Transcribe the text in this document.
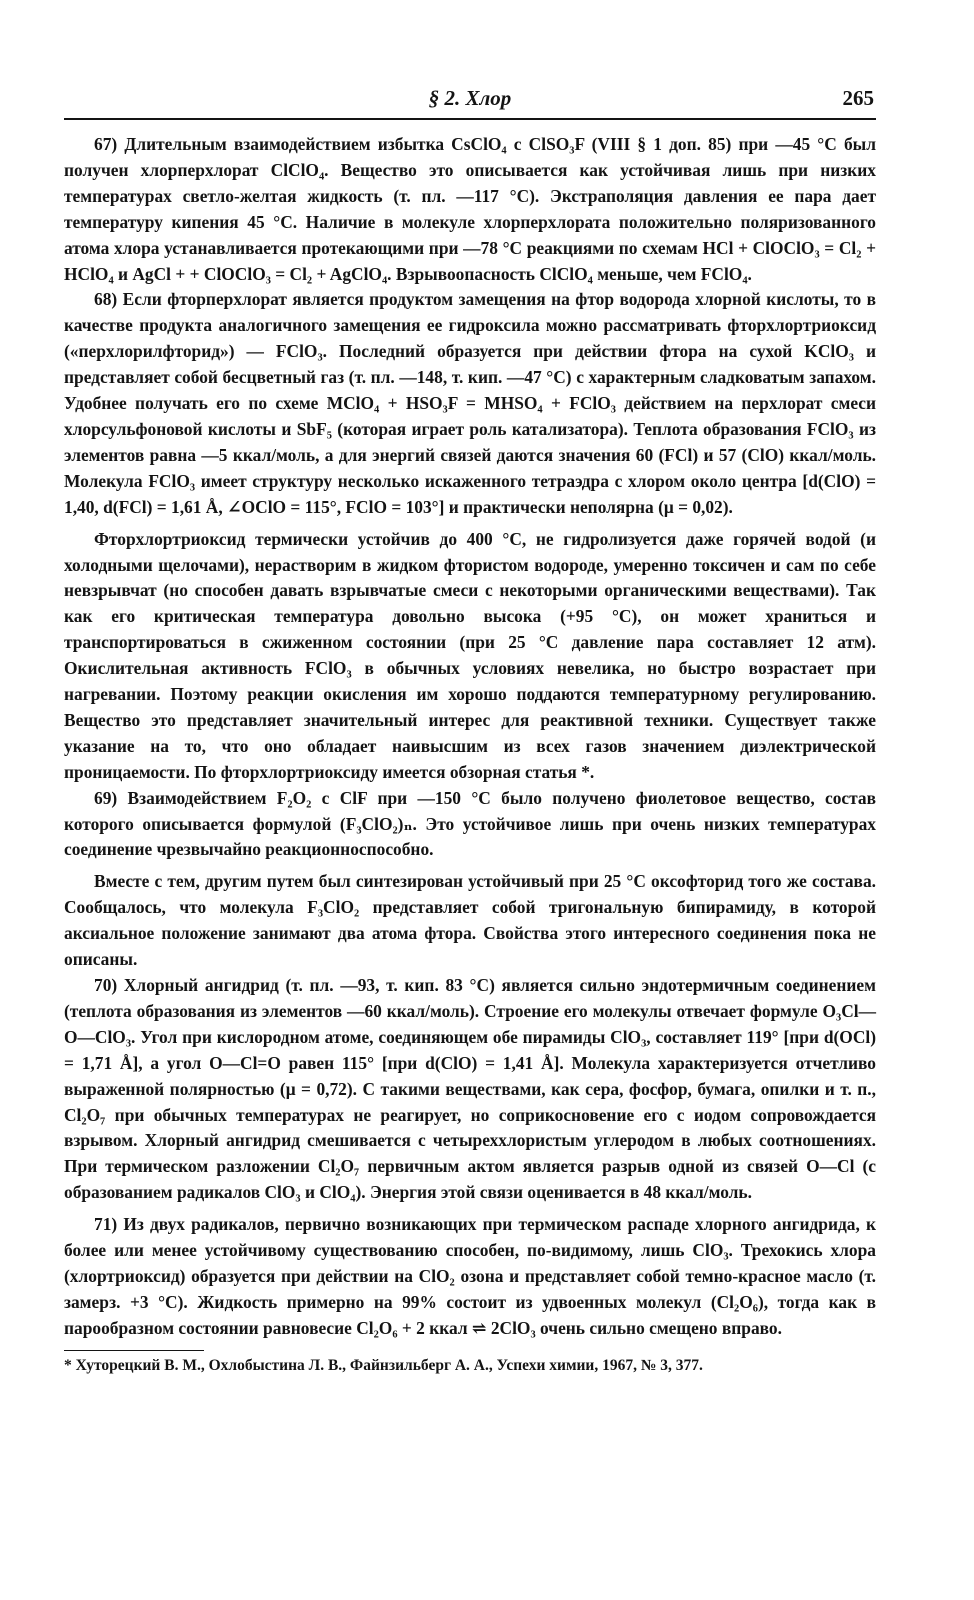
§ 2. Хлор	265

67) Длительным взаимодействием избытка CsClO₄ с ClSO₃F (VIII § 1 доп. 85) при —45 °C был получен хлорперхлорат ClClO₄. Вещество это описывается как устойчивая лишь при низких температурах светло-желтая жидкость (т. пл. —117 °C). Экстраполяция давления ее пара дает температуру кипения 45 °C. Наличие в молекуле хлорперхлората положительно поляризованного атома хлора устанавливается протекающими при —78 °C реакциями по схемам HCl + ClOClO₃ = Cl₂ + HClO₄ и AgCl + + ClOClO₃ = Cl₂ + AgClO₄. Взрывоопасность ClClO₄ меньше, чем FClO₄.

68) Если фторперхлорат является продуктом замещения на фтор водорода хлорной кислоты, то в качестве продукта аналогичного замещения ее гидроксила можно рассматривать фторхлортриоксид («перхлорилфторид») — FClO₃. Последний образуется при действии фтора на сухой KClO₃ и представляет собой бесцветный газ (т. пл. —148, т. кип. —47 °C) с характерным сладковатым запахом. Удобнее получать его по схеме MClO₄ + HSO₃F = MHSO₄ + FClO₃ действием на перхлорат смеси хлорсульфоновой кислоты и SbF₅ (которая играет роль катализатора). Теплота образования FClO₃ из элементов равна —5 ккал/моль, а для энергий связей даются значения 60 (FCl) и 57 (ClO) ккал/моль. Молекула FClO₃ имеет структуру несколько искаженного тетраэдра с хлором около центра [d(ClO) = 1,40, d(FCl) = 1,61 Å, ∠OClO = 115°, FClO = 103°] и практически неполярна (μ = 0,02).

Фторхлортриоксид термически устойчив до 400 °C, не гидролизуется даже горячей водой (и холодными щелочами), нерастворим в жидком фтористом водороде, умеренно токсичен и сам по себе невзрывчат (но способен давать взрывчатые смеси с некоторыми органическими веществами). Так как его критическая температура довольно высока (+95 °C), он может храниться и транспортироваться в сжиженном состоянии (при 25 °C давление пара составляет 12 атм). Окислительная активность FClO₃ в обычных условиях невелика, но быстро возрастает при нагревании. Поэтому реакции окисления им хорошо поддаются температурному регулированию. Вещество это представляет значительный интерес для реактивной техники. Существует также указание на то, что оно обладает наивысшим из всех газов значением диэлектрической проницаемости. По фторхлортриоксиду имеется обзорная статья *.

69) Взаимодействием F₂O₂ с ClF при —150 °C было получено фиолетовое вещество, состав которого описывается формулой (F₃ClO₂)ₙ. Это устойчивое лишь при очень низких температурах соединение чрезвычайно реакционноспособно.

Вместе с тем, другим путем был синтезирован устойчивый при 25 °C оксофторид того же состава. Сообщалось, что молекула F₃ClO₂ представляет собой тригональную бипирамиду, в которой аксиальное положение занимают два атома фтора. Свойства этого интересного соединения пока не описаны.

70) Хлорный ангидрид (т. пл. —93, т. кип. 83 °C) является сильно эндотермичным соединением (теплота образования из элементов —60 ккал/моль). Строение его молекулы отвечает формуле O₃Cl—O—ClO₃. Угол при кислородном атоме, соединяющем обе пирамиды ClO₃, составляет 119° [при d(OCl) = 1,71 Å], а угол O—Cl=O равен 115° [при d(ClO) = 1,41 Å]. Молекула характеризуется отчетливо выраженной полярностью (μ = 0,72). С такими веществами, как сера, фосфор, бумага, опилки и т. п., Cl₂O₇ при обычных температурах не реагирует, но соприкосновение его с иодом сопровождается взрывом. Хлорный ангидрид смешивается с четыреххлористым углеродом в любых соотношениях. При термическом разложении Cl₂O₇ первичным актом является разрыв одной из связей O—Cl (с образованием радикалов ClO₃ и ClO₄). Энергия этой связи оценивается в 48 ккал/моль.

71) Из двух радикалов, первично возникающих при термическом распаде хлорного ангидрида, к более или менее устойчивому существованию способен, по-видимому, лишь ClO₃. Трехокись хлора (хлортриоксид) образуется при действии на ClO₂ озона и представляет собой темно-красное масло (т. замерз. +3 °C). Жидкость примерно на 99% состоит из удвоенных молекул (Cl₂O₆), тогда как в парообразном состоянии равновесие Cl₂O₆ + 2 ккал ⇌ 2ClO₃ очень сильно смещено вправо.

* Хуторецкий В. М., Охлобыстина Л. В., Файнзильберг А. А., Успехи химии, 1967, № 3, 377.
